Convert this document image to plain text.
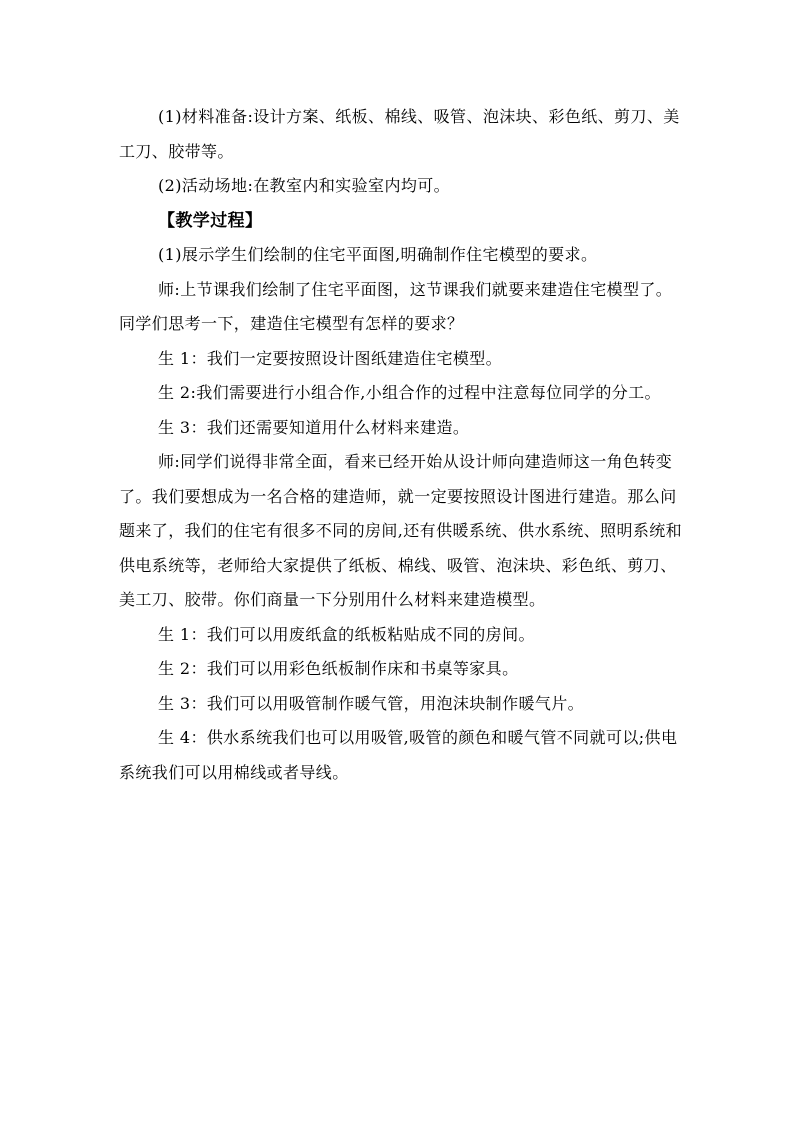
(1)材料准备:设计方案、纸板、棉线、吸管、泡沫块、彩色纸、剪刀、美工刀、胶带等。

(2)活动场地:在教室内和实验室内均可。

【教学过程】

(1)展示学生们绘制的住宅平面图,明确制作住宅模型的要求。

师:上节课我们绘制了住宅平面图，这节课我们就要来建造住宅模型了。同学们思考一下，建造住宅模型有怎样的要求？

生 1：我们一定要按照设计图纸建造住宅模型。

生 2:我们需要进行小组合作,小组合作的过程中注意每位同学的分工。

生 3：我们还需要知道用什么材料来建造。

师:同学们说得非常全面，看来已经开始从设计师向建造师这一角色转变了。我们要想成为一名合格的建造师，就一定要按照设计图进行建造。那么问题来了，我们的住宅有很多不同的房间,还有供暖系统、供水系统、照明系统和供电系统等，老师给大家提供了纸板、棉线、吸管、泡沫块、彩色纸、剪刀、美工刀、胶带。你们商量一下分别用什么材料来建造模型。

生 1：我们可以用废纸盒的纸板粘贴成不同的房间。

生 2：我们可以用彩色纸板制作床和书桌等家具。

生 3：我们可以用吸管制作暖气管，用泡沫块制作暖气片。

生 4：供水系统我们也可以用吸管,吸管的颜色和暖气管不同就可以;供电系统我们可以用棉线或者导线。
